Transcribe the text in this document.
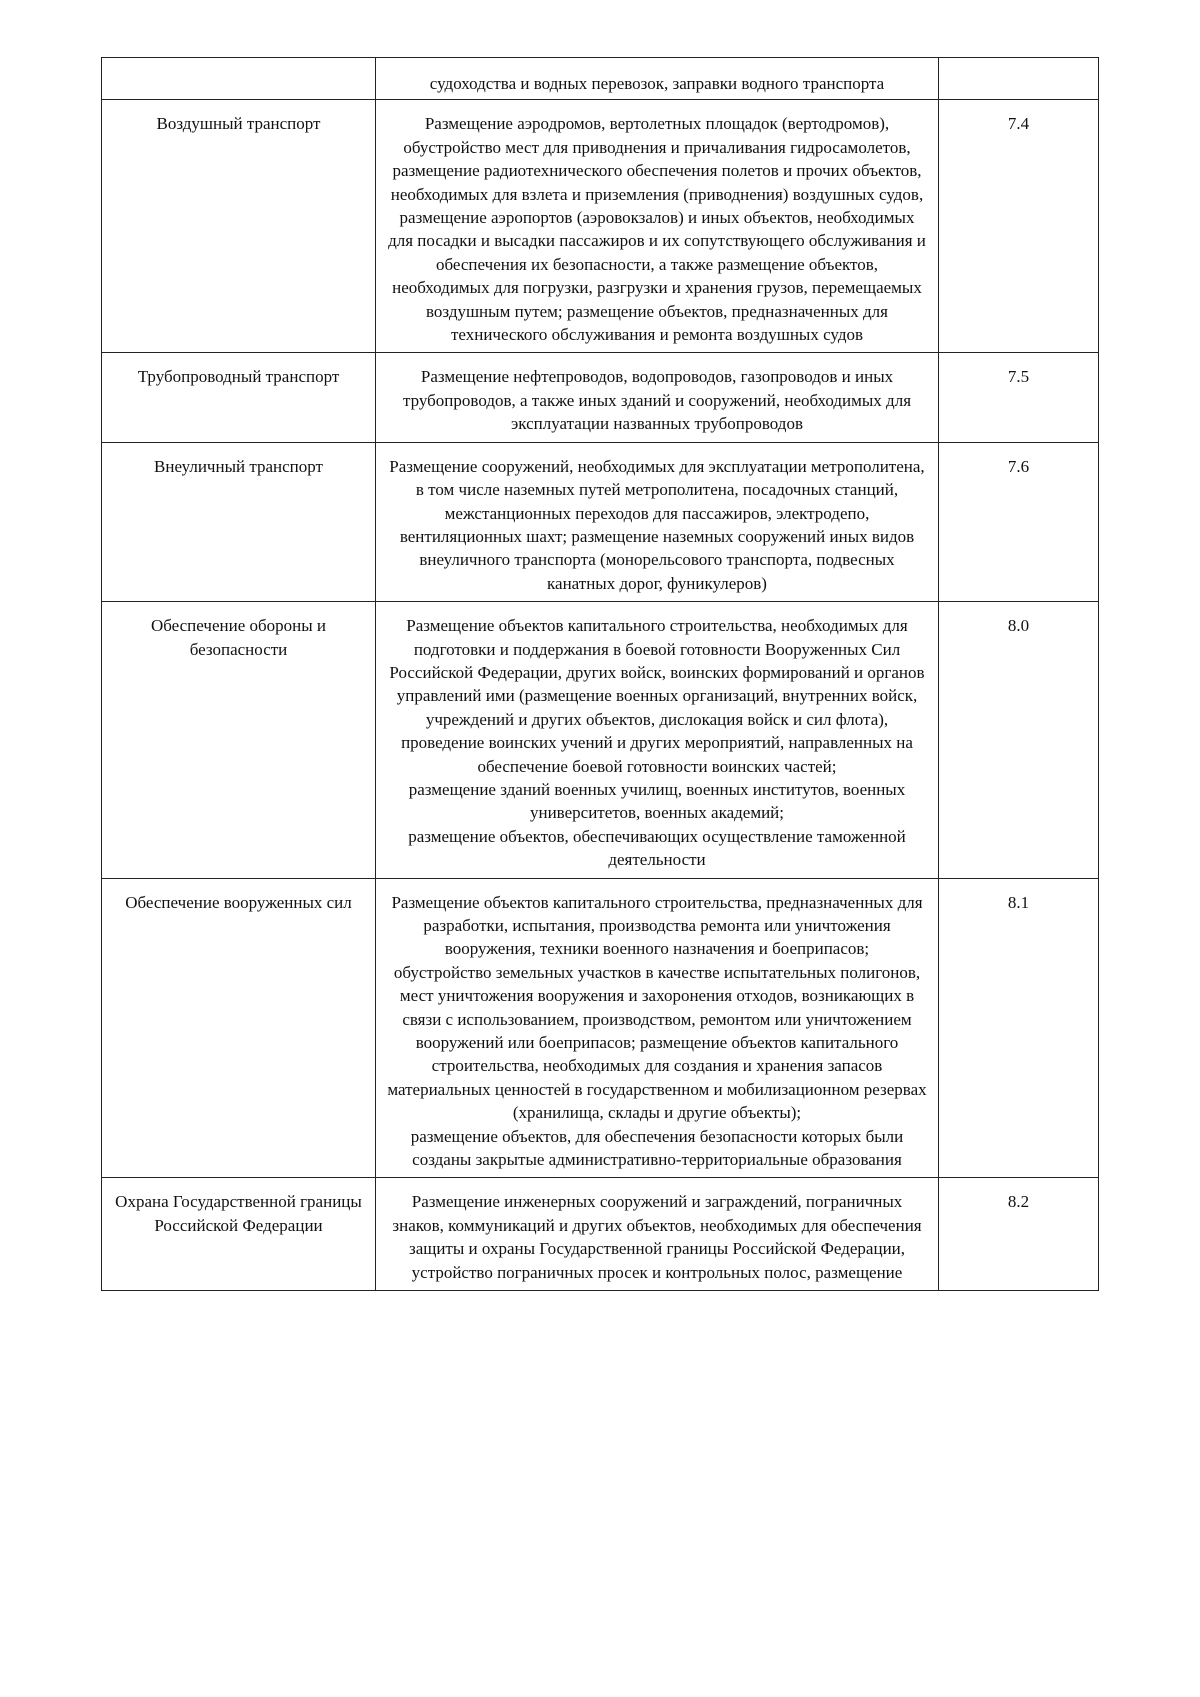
	судоходства и водных перевозок, заправки водного транспорта	

Воздушный транспорт	Размещение аэродромов, вертолетных площадок (вертодромов), обустройство мест для приводнения и причаливания гидросамолетов, размещение радиотехнического обеспечения полетов и прочих объектов, необходимых для взлета и приземления (приводнения) воздушных судов, размещение аэропортов (аэровокзалов) и иных объектов, необходимых для посадки и высадки пассажиров и их сопутствующего обслуживания и обеспечения их безопасности, а также размещение объектов, необходимых для погрузки, разгрузки и хранения грузов, перемещаемых воздушным путем; размещение объектов, предназначенных для технического обслуживания и ремонта воздушных судов	7.4
Трубопроводный транспорт	Размещение нефтепроводов, водопроводов, газопроводов и иных трубопроводов, а также иных зданий и сооружений, необходимых для эксплуатации названных трубопроводов	7.5
Внеуличный транспорт	Размещение сооружений, необходимых для эксплуатации метрополитена, в том числе наземных путей метрополитена, посадочных станций, межстанционных переходов для пассажиров, электродепо, вентиляционных шахт; размещение наземных сооружений иных видов внеуличного транспорта (монорельсового транспорта, подвесных канатных дорог, фуникулеров)	7.6
Обеспечение обороны и безопасности	Размещение объектов капитального строительства, необходимых для подготовки и поддержания в боевой готовности Вооруженных Сил Российской Федерации, других войск, воинских формирований и органов управлений ими (размещение военных организаций, внутренних войск, учреждений и других объектов, дислокация войск и сил флота), проведение воинских учений и других мероприятий, направленных на обеспечение боевой готовности воинских частей;
размещение зданий военных училищ, военных институтов, военных университетов, военных академий;
размещение объектов, обеспечивающих осуществление таможенной деятельности	8.0
Обеспечение вооруженных сил	Размещение объектов капитального строительства, предназначенных для разработки, испытания, производства ремонта или уничтожения вооружения, техники военного назначения и боеприпасов;
обустройство земельных участков в качестве испытательных полигонов, мест уничтожения вооружения и захоронения отходов, возникающих в связи с использованием, производством, ремонтом или уничтожением вооружений или боеприпасов; размещение объектов капитального строительства, необходимых для создания и хранения запасов материальных ценностей в государственном и мобилизационном резервах (хранилища, склады и другие объекты);
размещение объектов, для обеспечения безопасности которых были созданы закрытые административно-территориальные образования	8.1
Охрана Государственной границы Российской Федерации	Размещение инженерных сооружений и заграждений, пограничных знаков, коммуникаций и других объектов, необходимых для обеспечения защиты и охраны Государственной границы Российской Федерации, устройство пограничных просек и контрольных полос, размещение	8.2
